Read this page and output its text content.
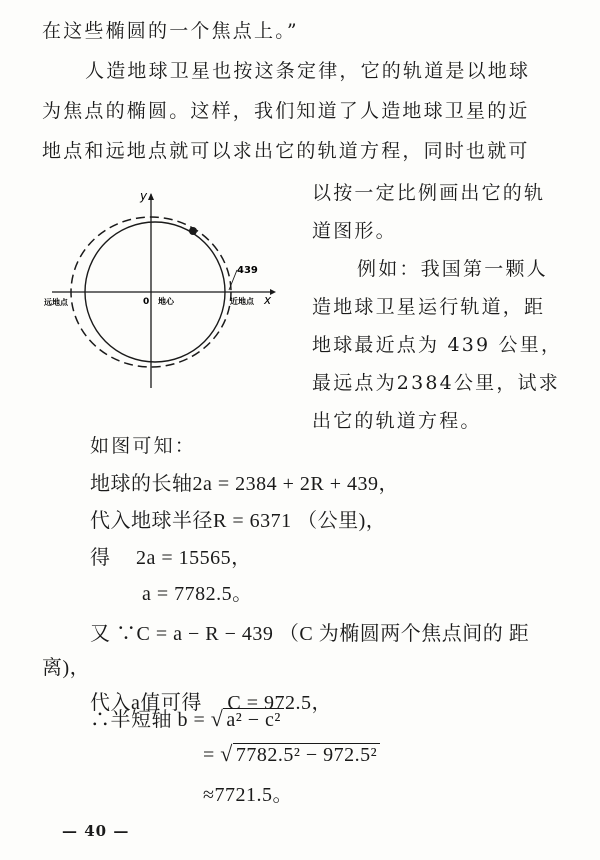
在这些椭圆的一个焦点上。”
人造地球卫星也按这条定律，它的轨道是以地球
为焦点的椭圆。这样，我们知道了人造地球卫星的近
地点和远地点就可以求出它的轨道方程，同时也就可
以按一定比例画出它的轨
道图形。
例如：我国第一颗人
造地球卫星运行轨道，距
地球最近点为 439 公里，
最远点为2384公里，试求
出它的轨道方程。
439
y
x
0 地心
远地点	近地点
如图可知：
地球的长轴2a = 2384 + 2R + 439，
代入地球半径R = 6371 （公里)，
得 2a = 15565，
a = 7782.5。
又 ∵C = a − R − 439 （C 为椭圆两个焦点间的 距
离)，
代入a值可得 C = 972.5，
∴半短轴 b = √ a² − c²
= √ 7782.5² − 972.5²
≈7721.5。
— 40 —
